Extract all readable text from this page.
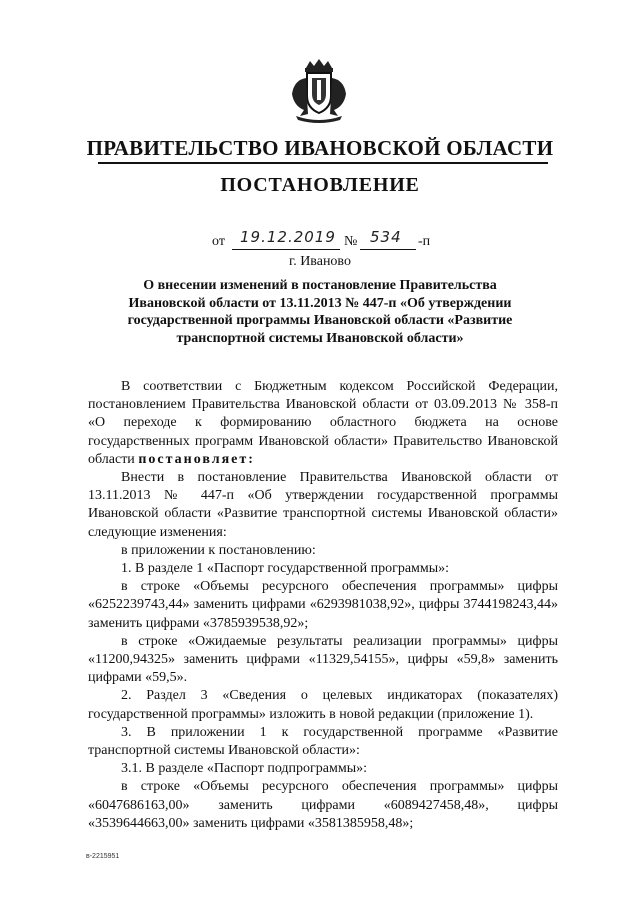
ПРАВИТЕЛЬСТВО ИВАНОВСКОЙ ОБЛАСТИ
ПОСТАНОВЛЕНИЕ
от 19.12.2019 № 534 -п
г. Иваново
О внесении изменений в постановление Правительства
Ивановской области от 13.11.2013 № 447-п «Об утверждении
государственной программы Ивановской области «Развитие
транспортной системы Ивановской области»

В соответствии с Бюджетным кодексом Российской Федерации, постановлением Правительства Ивановской области от 03.09.2013 № 358-п «О переходе к формированию областного бюджета на основе государственных программ Ивановской области» Правительство Ивановской области постановляет:

Внести в постановление Правительства Ивановской области от 13.11.2013 № 447-п «Об утверждении государственной программы Ивановской области «Развитие транспортной системы Ивановской области» следующие изменения:

в приложении к постановлению:

1. В разделе 1 «Паспорт государственной программы»:

в строке «Объемы ресурсного обеспечения программы» цифры «6252239743,44» заменить цифрами «6293981038,92», цифры 3744198243,44» заменить цифрами «3785939538,92»;

в строке «Ожидаемые результаты реализации программы» цифры «11200,94325» заменить цифрами «11329,54155», цифры «59,8» заменить цифрами «59,5».

2. Раздел 3 «Сведения о целевых индикаторах (показателях) государственной программы» изложить в новой редакции (приложение 1).

3. В приложении 1 к государственной программе «Развитие транспортной системы Ивановской области»:

3.1. В разделе «Паспорт подпрограммы»:

в строке «Объемы ресурсного обеспечения программы» цифры «6047686163,00» заменить цифрами «6089427458,48», цифры «3539644663,00» заменить цифрами «3581385958,48»;

в-2215951
